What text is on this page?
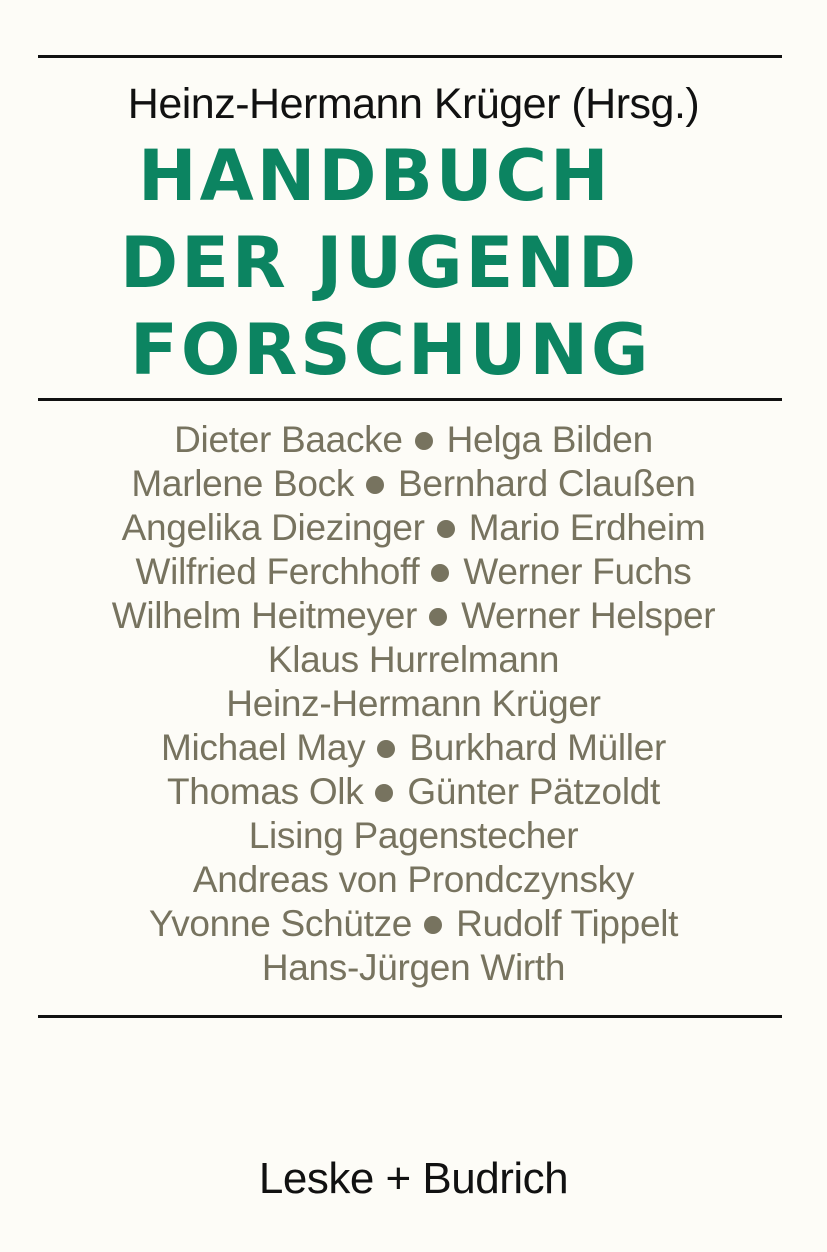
Heinz-Hermann Krüger (Hrsg.)
HANDBUCH
DER JUGEND
FORSCHUNG
Dieter Baacke Helga Bilden
Marlene Bock Bernhard Claußen
Angelika Diezinger Mario Erdheim
Wilfried Ferchhoff Werner Fuchs
Wilhelm Heitmeyer Werner Helsper
Klaus Hurrelmann
Heinz-Hermann Krüger
Michael May Burkhard Müller
Thomas Olk Günter Pätzoldt
Lising Pagenstecher
Andreas von Prondczynsky
Yvonne Schütze Rudolf Tippelt
Hans-Jürgen Wirth
Leske + Budrich
